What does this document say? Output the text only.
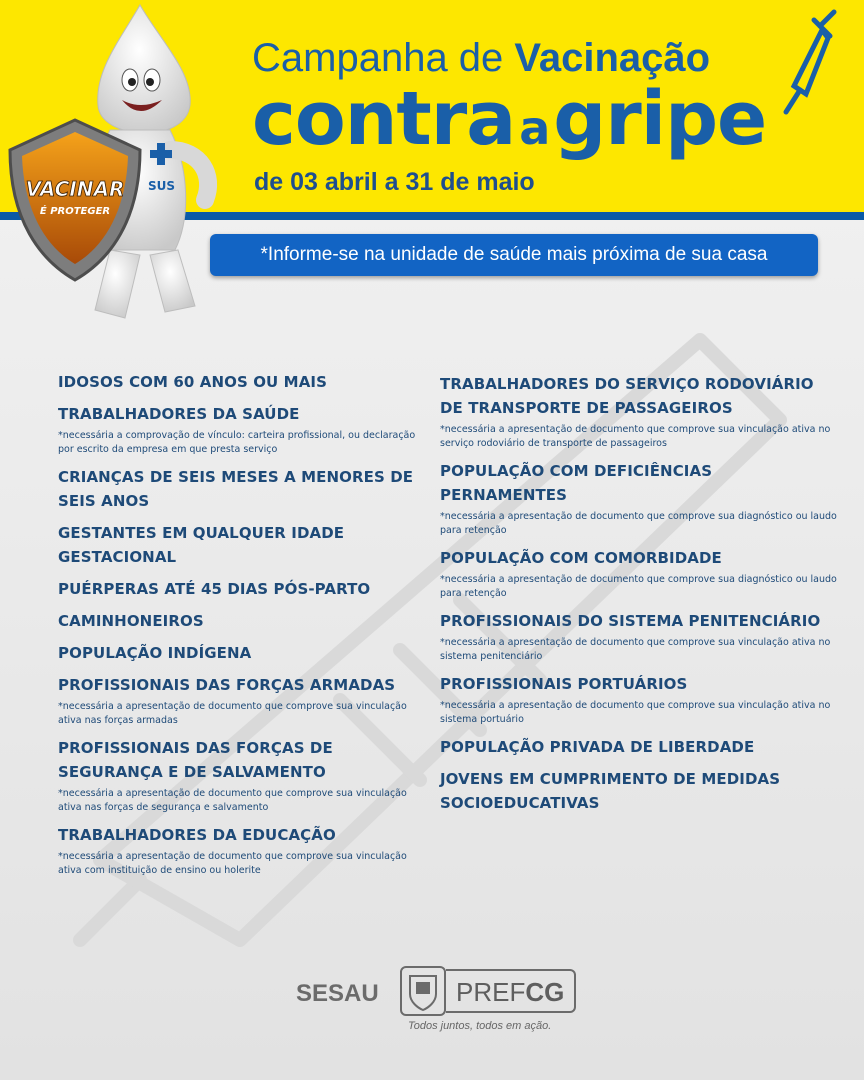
SUS
VACINAR
É PROTEGER
Campanha de Vacinação
contraagripe
de 03 abril a 31 de maio
*Informe-se na unidade de saúde mais próxima de sua casa
IDOSOS COM 60 ANOS OU MAIS
TRABALHADORES DA SAÚDE
*necessária a comprovação de vínculo: carteira profissional, ou declaração por escrito da empresa em que presta serviço
CRIANÇAS DE SEIS MESES A MENORES DE SEIS ANOS
GESTANTES EM QUALQUER IDADE GESTACIONAL
PUÉRPERAS ATÉ 45 DIAS PÓS-PARTO
CAMINHONEIROS
POPULAÇÃO INDÍGENA
PROFISSIONAIS DAS FORÇAS ARMADAS
*necessária a apresentação de documento que comprove sua vinculação ativa nas forças armadas
PROFISSIONAIS DAS FORÇAS DE SEGURANÇA E DE SALVAMENTO
*necessária a apresentação de documento que comprove sua vinculação ativa nas forças de segurança e salvamento
TRABALHADORES DA EDUCAÇÃO
*necessária a apresentação de documento que comprove sua vinculação ativa com instituição de ensino ou holerite
TRABALHADORES DO SERVIÇO RODOVIÁRIO DE TRANSPORTE DE PASSAGEIROS
*necessária a apresentação de documento que comprove sua vinculação ativa no serviço rodoviário de transporte de passageiros
POPULAÇÃO COM DEFICIÊNCIAS PERNAMENTES
*necessária a apresentação de documento que comprove sua diagnóstico ou laudo para retenção
POPULAÇÃO COM COMORBIDADE
*necessária a apresentação de documento que comprove sua diagnóstico ou laudo para retenção
PROFISSIONAIS DO SISTEMA PENITENCIÁRIO
*necessária a apresentação de documento que comprove sua vinculação ativa no sistema penitenciário
PROFISSIONAIS PORTUÁRIOS
*necessária a apresentação de documento que comprove sua vinculação ativa no sistema portuário
POPULAÇÃO PRIVADA DE LIBERDADE
JOVENS EM CUMPRIMENTO DE MEDIDAS SOCIOEDUCATIVAS
SESAU	PREFCG
Todos juntos, todos em ação.
